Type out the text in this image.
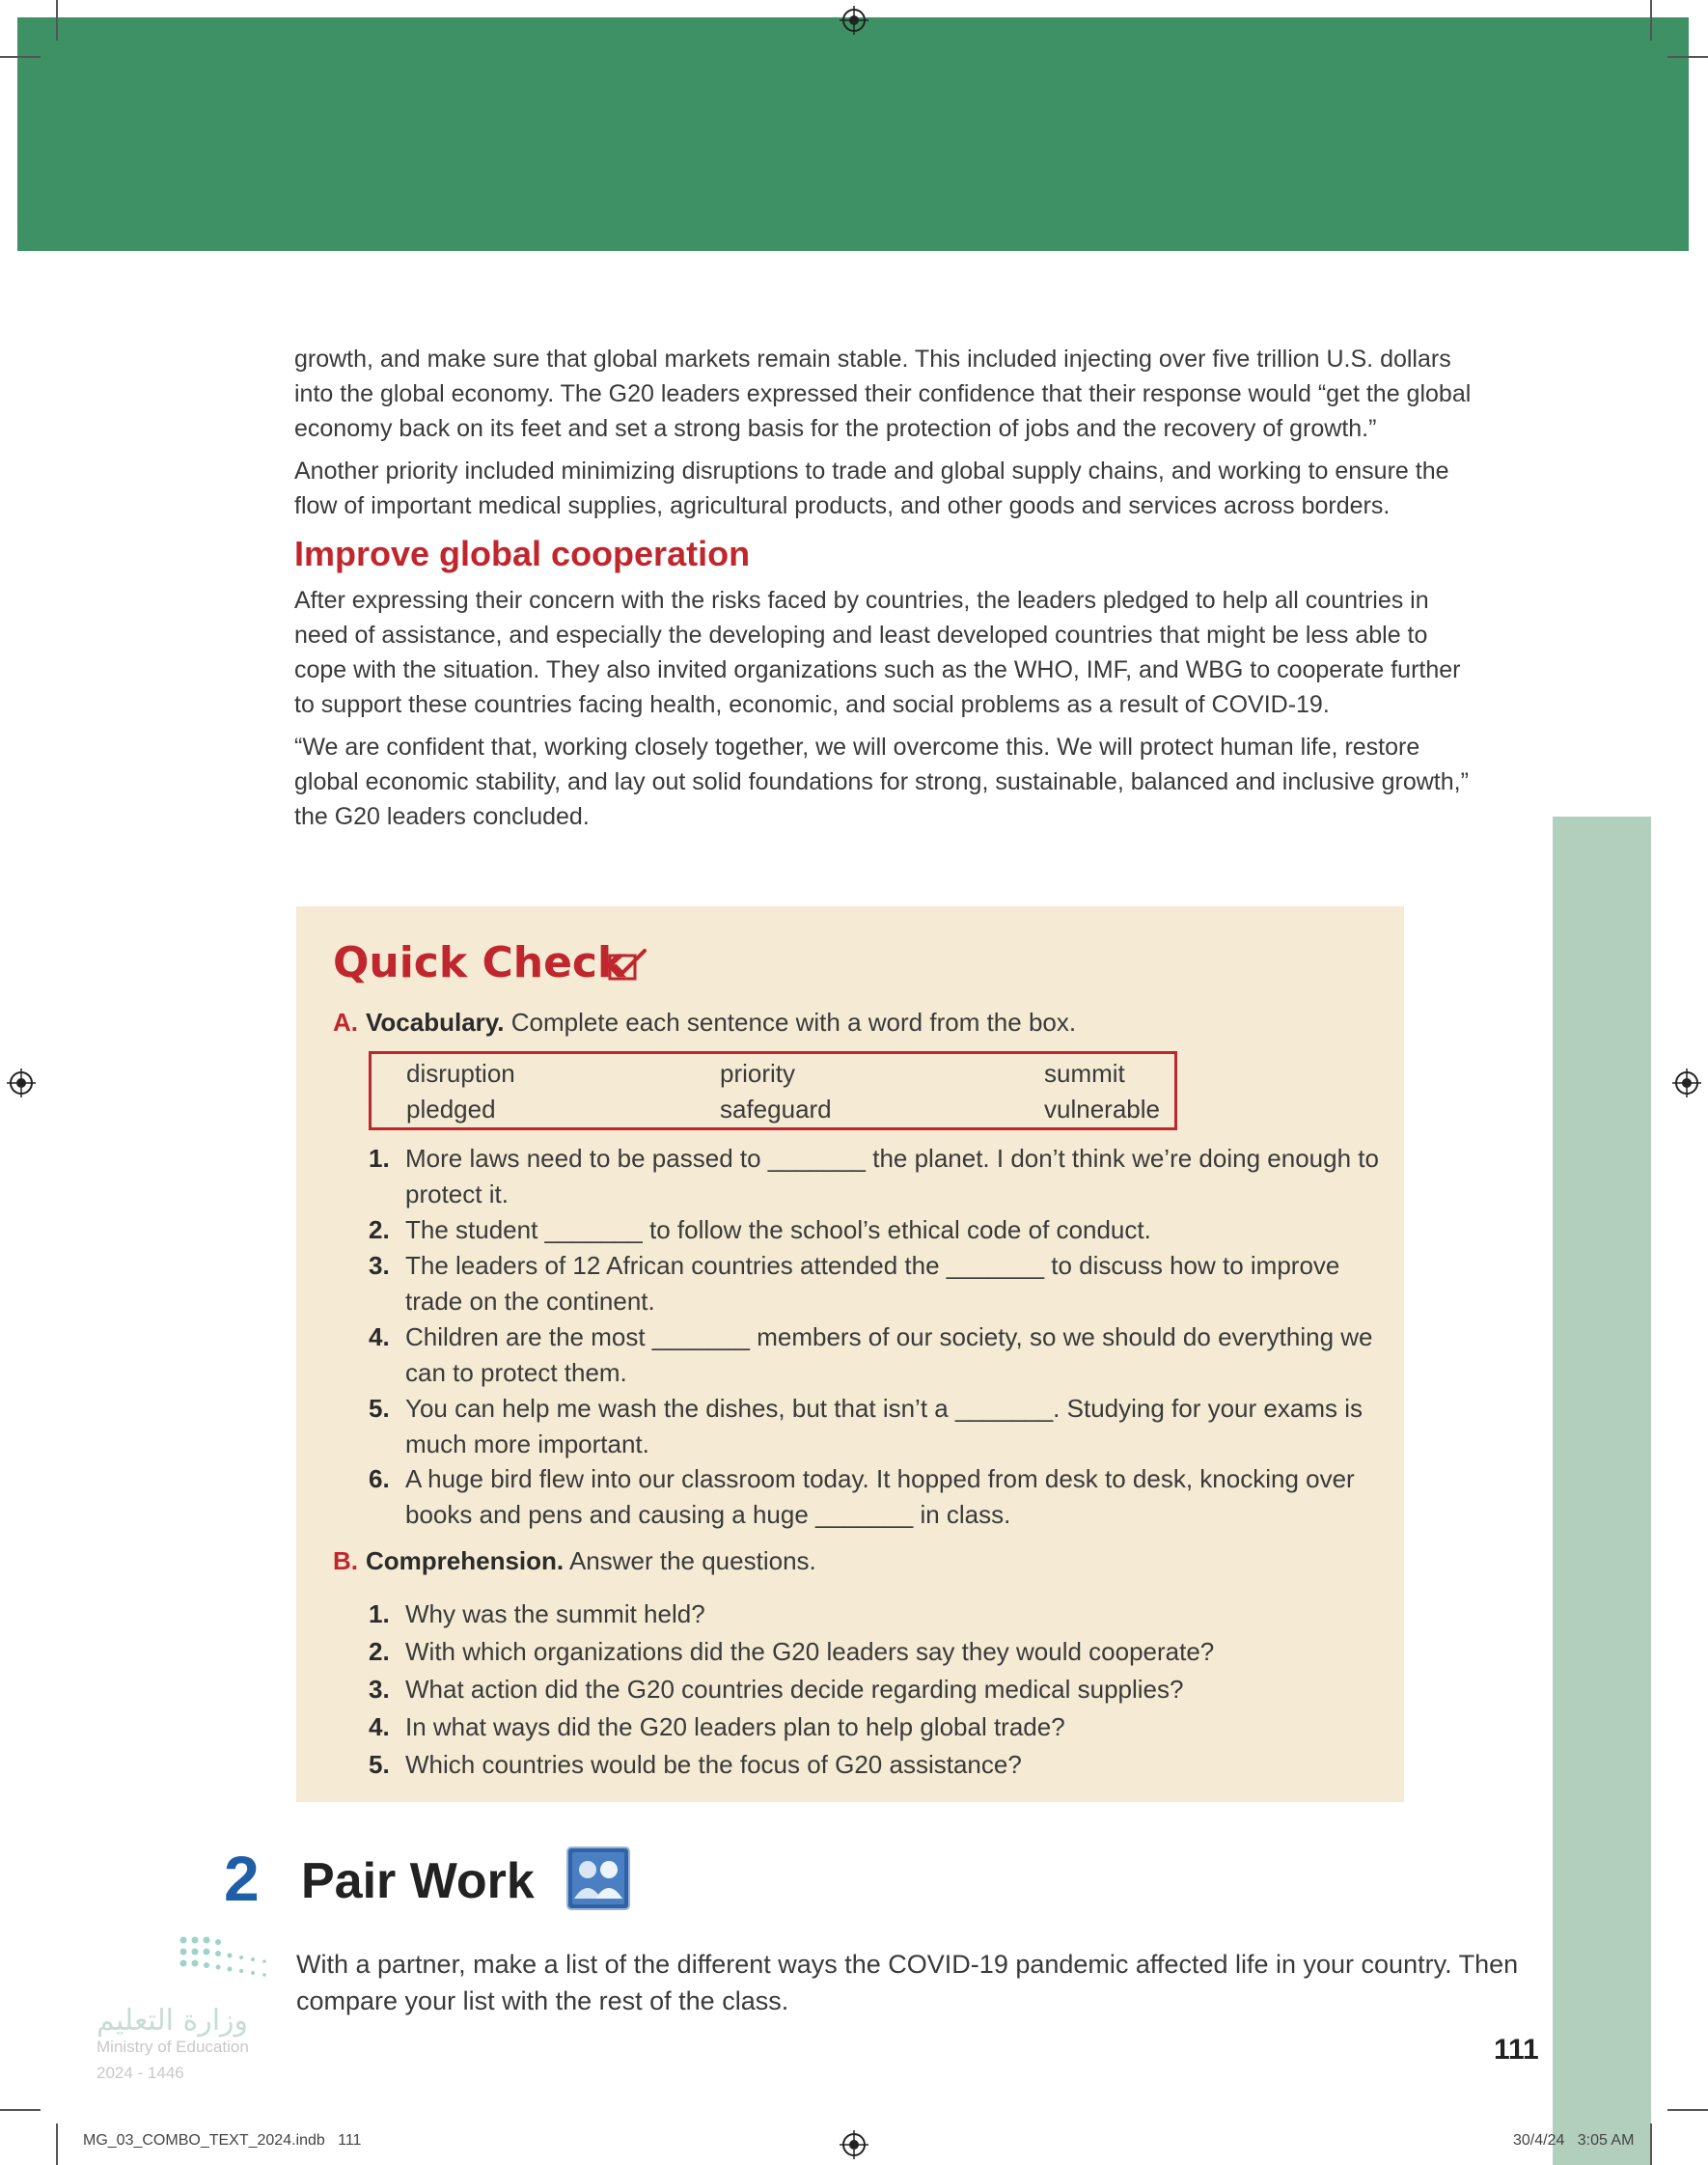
growth, and make sure that global markets remain stable. This included injecting over five trillion U.S. dollars into the global economy. The G20 leaders expressed their confidence that their response would “get the global economy back on its feet and set a strong basis for the protection of jobs and the recovery of growth.”

Another priority included minimizing disruptions to trade and global supply chains, and working to ensure the flow of important medical supplies, agricultural products, and other goods and services across borders.

Improve global cooperation

After expressing their concern with the risks faced by countries, the leaders pledged to help all countries in need of assistance, and especially the developing and least developed countries that might be less able to cope with the situation. They also invited organizations such as the WHO, IMF, and WBG to cooperate further to support these countries facing health, economic, and social problems as a result of COVID-19.

“We are confident that, working closely together, we will overcome this. We will protect human life, restore global economic stability, and lay out solid foundations for strong, sustainable, balanced and inclusive growth,” the G20 leaders concluded.

Quick Check
A. Vocabulary. Complete each sentence with a word from the box.
disruption	priority	summit
pledged	safeguard	vulnerable
1. More laws need to be passed to _______ the planet. I don’t think we’re doing enough to protect it.
2. The student _______ to follow the school’s ethical code of conduct.
3. The leaders of 12 African countries attended the _______ to discuss how to improve trade on the continent.
4. Children are the most _______ members of our society, so we should do everything we can to protect them.
5. You can help me wash the dishes, but that isn’t a _______. Studying for your exams is much more important.
6. A huge bird flew into our classroom today. It hopped from desk to desk, knocking over books and pens and causing a huge _______ in class.
B. Comprehension. Answer the questions.
1. Why was the summit held?
2. With which organizations did the G20 leaders say they would cooperate?
3. What action did the G20 countries decide regarding medical supplies?
4. In what ways did the G20 leaders plan to help global trade?
5. Which countries would be the focus of G20 assistance?
2 Pair Work
وزارة التعليم
Ministry of Education
2024 - 1446
With a partner, make a list of the different ways the COVID-19 pandemic affected life in your country. Then compare your list with the rest of the class.
111
MG_03_COMBO_TEXT_2024.indb   111	30/4/24   3:05 AM
